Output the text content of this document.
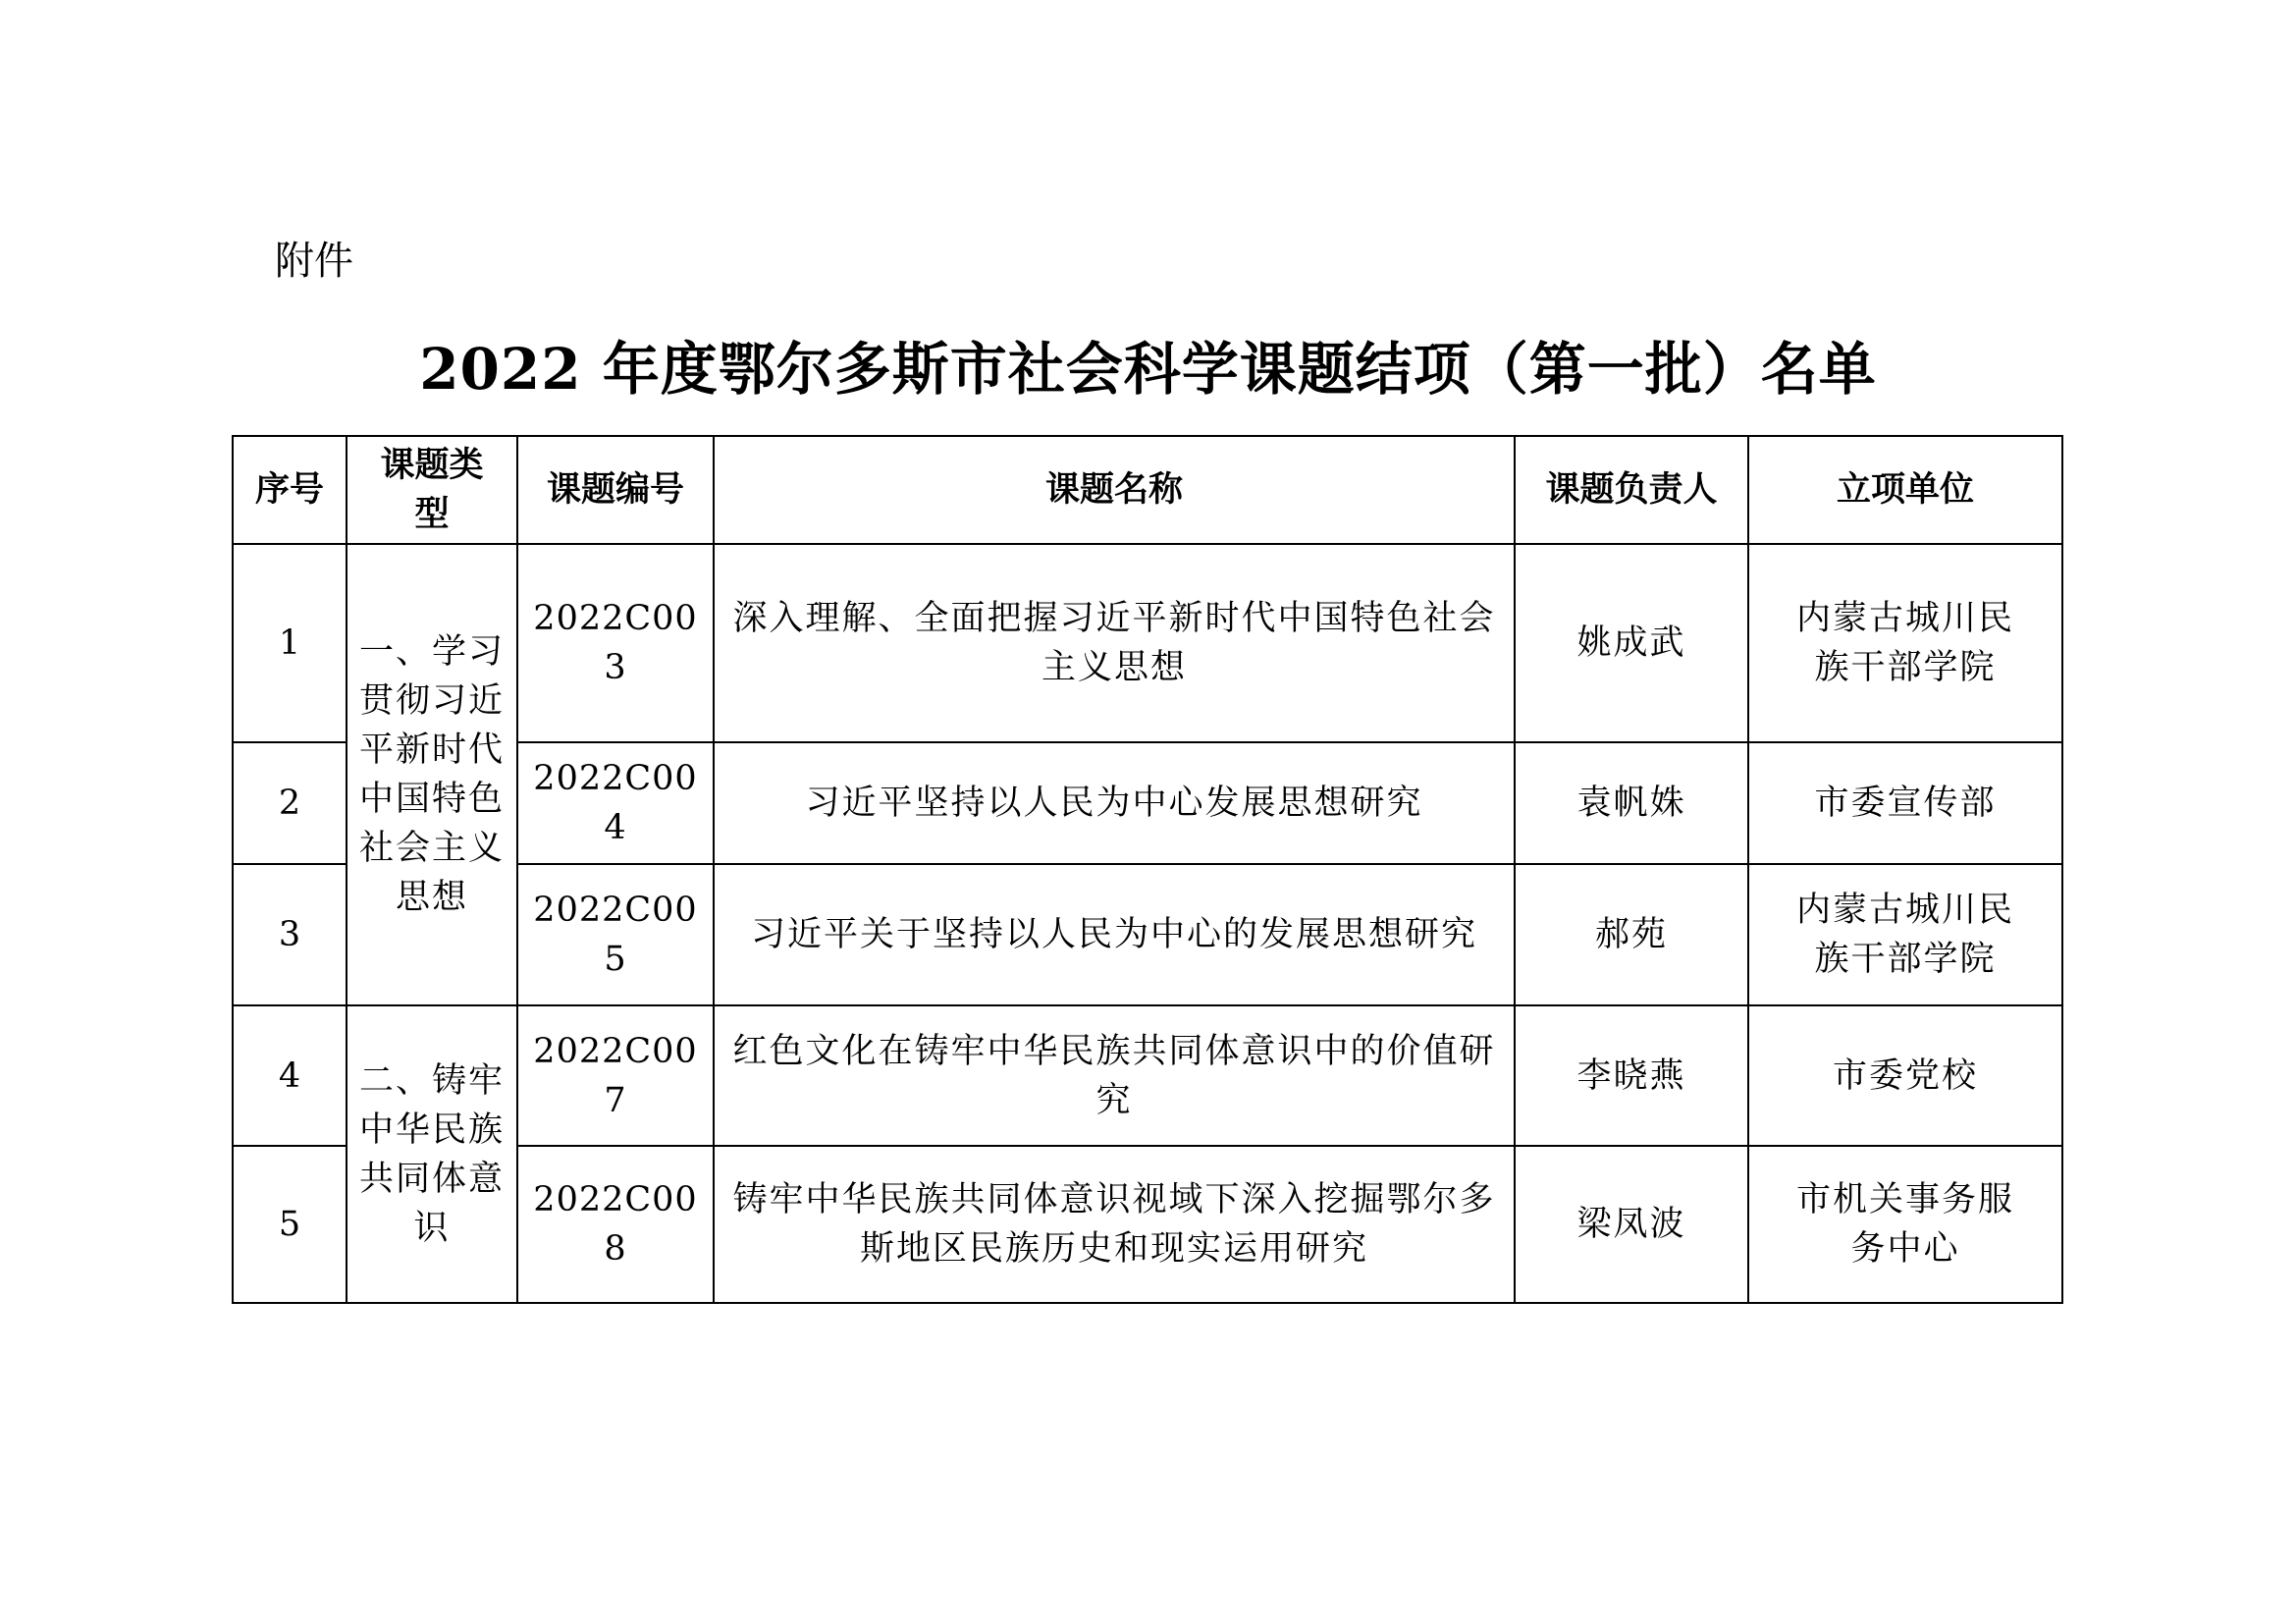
附件
2022 年度鄂尔多斯市社会科学课题结项（第一批）名单
序号	课题类型	课题编号	课题名称	课题负责人	立项单位
1	一、学习贯彻习近平新时代中国特色社会主义思想	2022C003	深入理解、全面把握习近平新时代中国特色社会主义思想	姚成武	内蒙古城川民族干部学院
2		2022C004	习近平坚持以人民为中心发展思想研究	袁帆姝	市委宣传部
3		2022C005	习近平关于坚持以人民为中心的发展思想研究	郝苑	内蒙古城川民族干部学院
4	二、铸牢中华民族共同体意识	2022C007	红色文化在铸牢中华民族共同体意识中的价值研究	李晓燕	市委党校
5		2022C008	铸牢中华民族共同体意识视域下深入挖掘鄂尔多斯地区民族历史和现实运用研究	梁凤波	市机关事务服务中心
